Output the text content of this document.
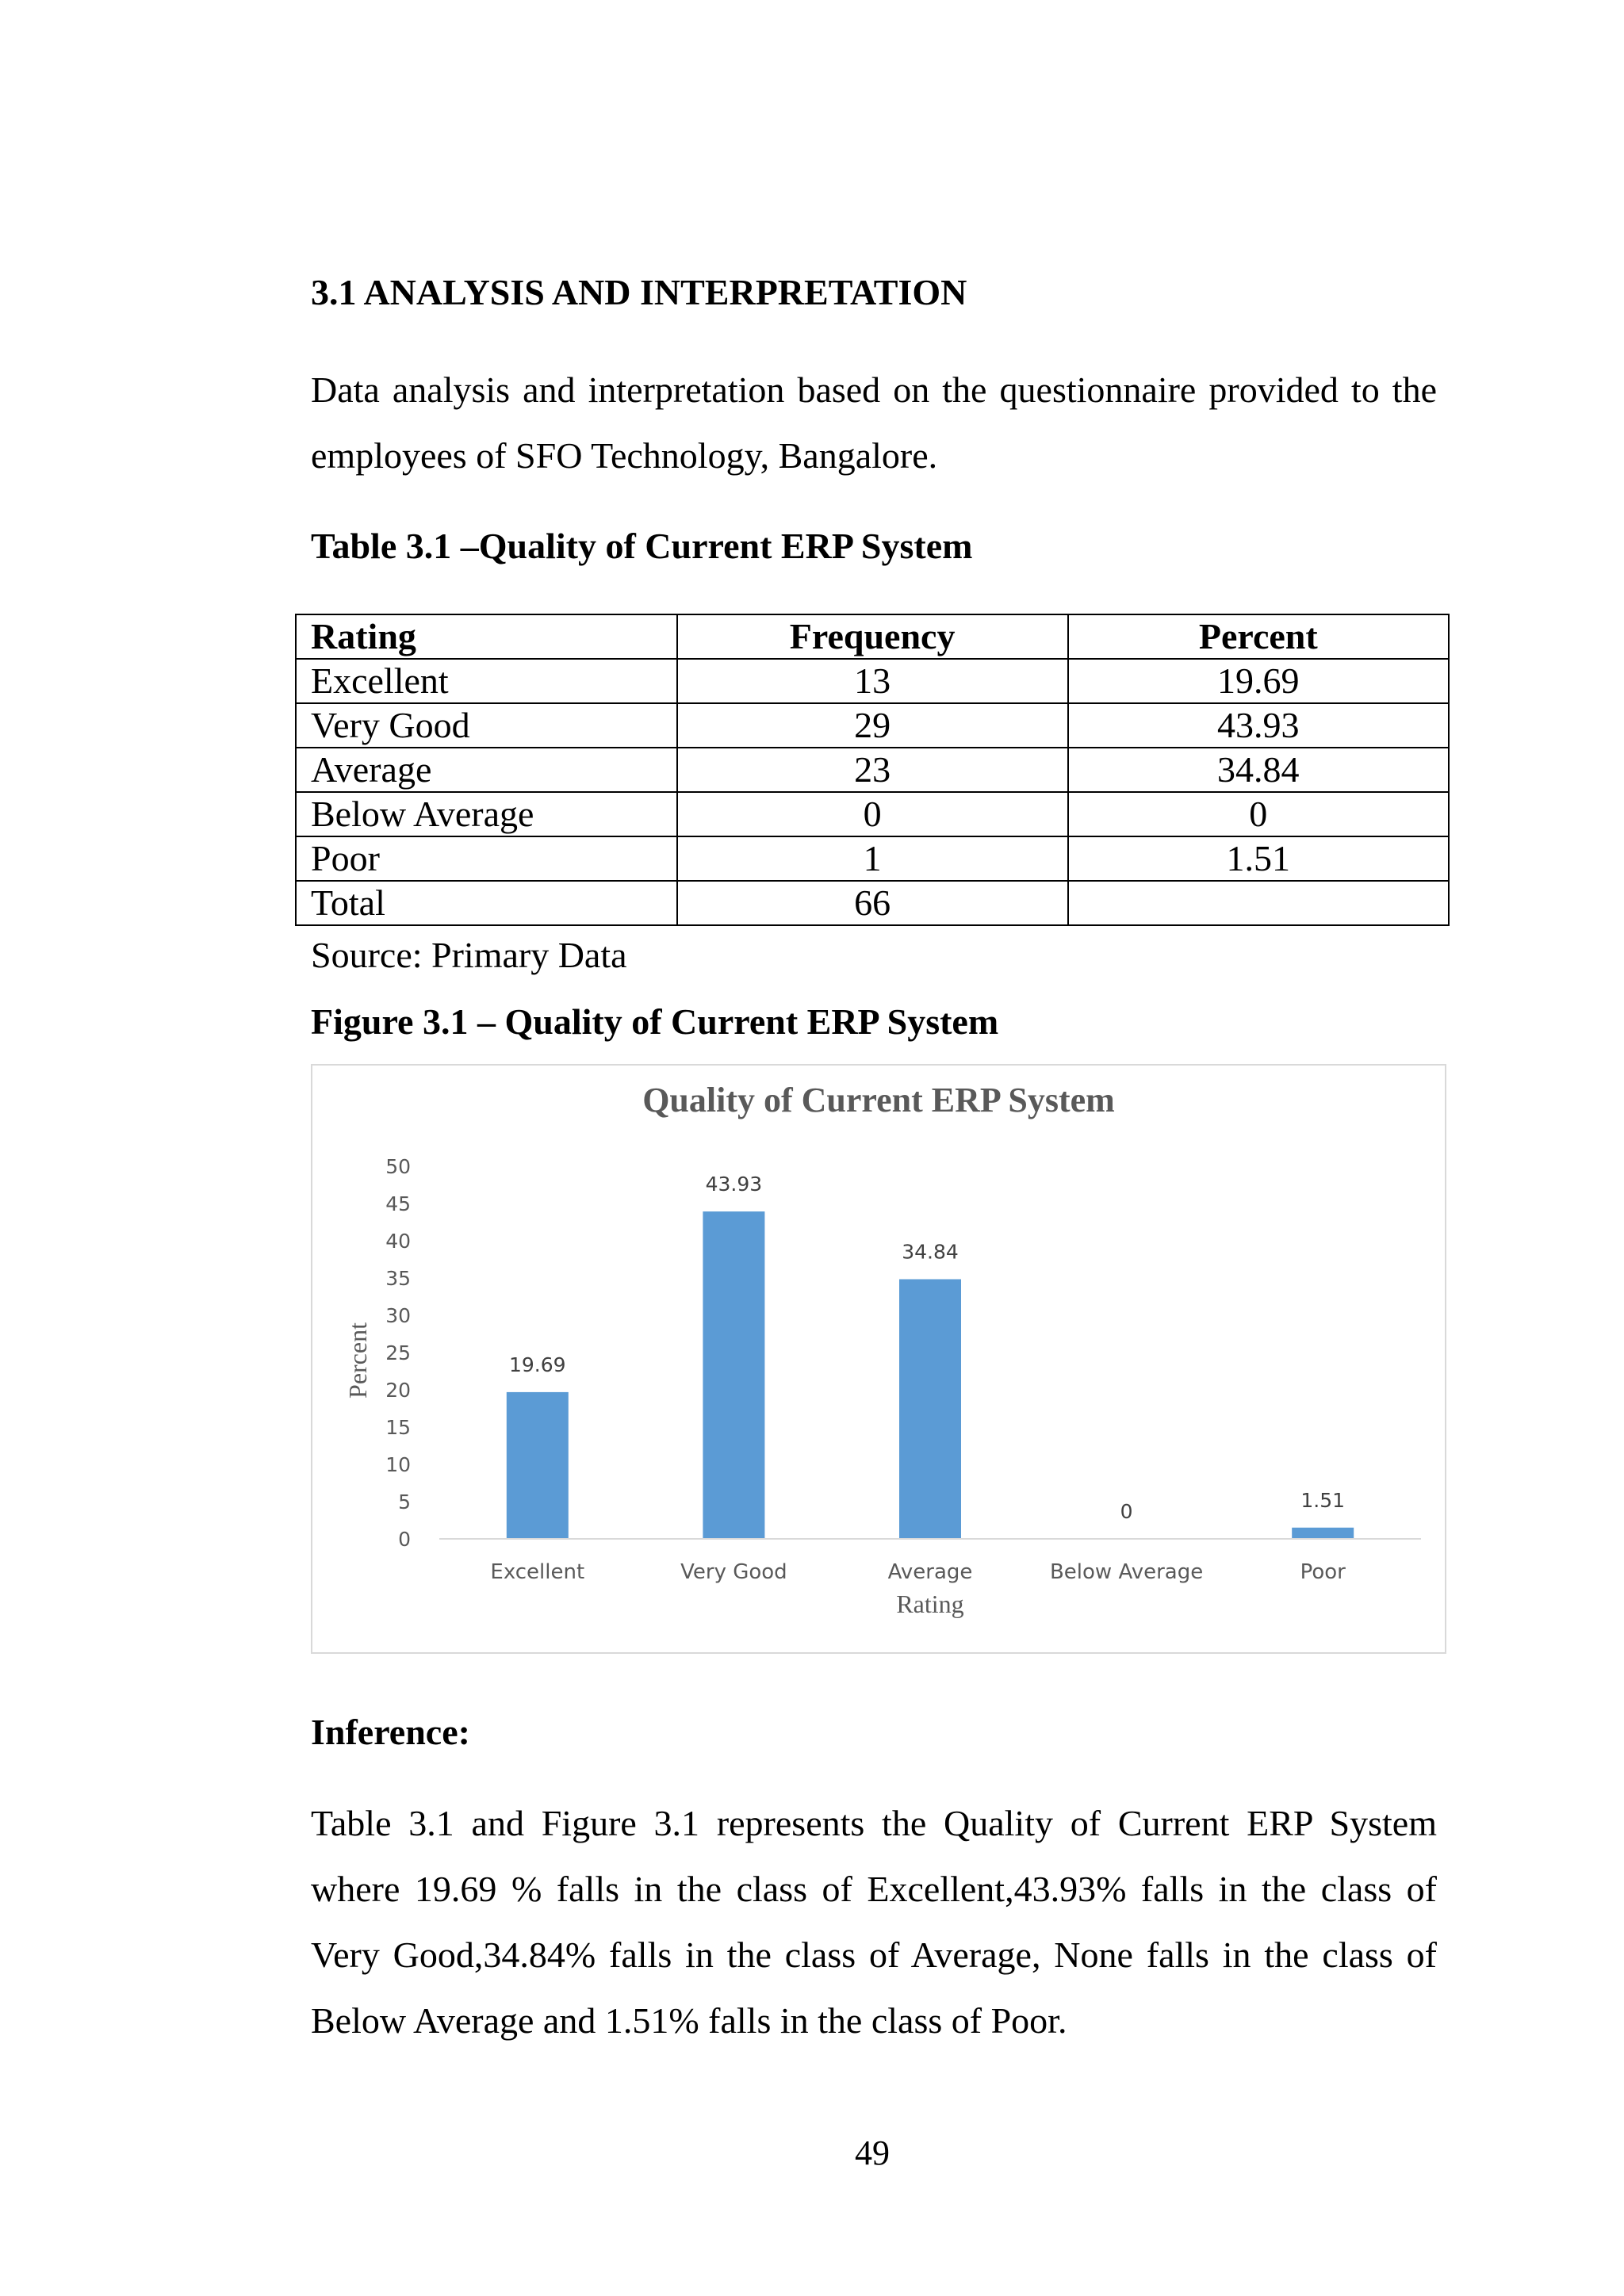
3.1 ANALYSIS AND INTERPRETATION
Data analysis and interpretation based on the questionnaire provided to the employees of SFO Technology, Bangalore.
Table 3.1 –Quality of Current ERP System
Rating	Frequency	Percent
Excellent	13	19.69
Very Good	29	43.93
Average	23	34.84
Below Average	0	0
Poor	1	1.51
Total	66	
Source: Primary Data
Figure 3.1 – Quality of Current ERP System
Quality of Current ERP System
Percent
Rating
0
5
10
15
20
25
30
35
40
45
50
Excellent	Very Good	Average	Below Average	Poor
19.69
43.93
34.84
0	1.51
Inference:
Table 3.1 and Figure 3.1 represents the Quality of Current ERP System where 19.69 % falls in the class of Excellent,43.93% falls in the class of Very Good,34.84% falls in the class of Average, None falls in the class of Below Average and 1.51% falls in the class of Poor.
49
